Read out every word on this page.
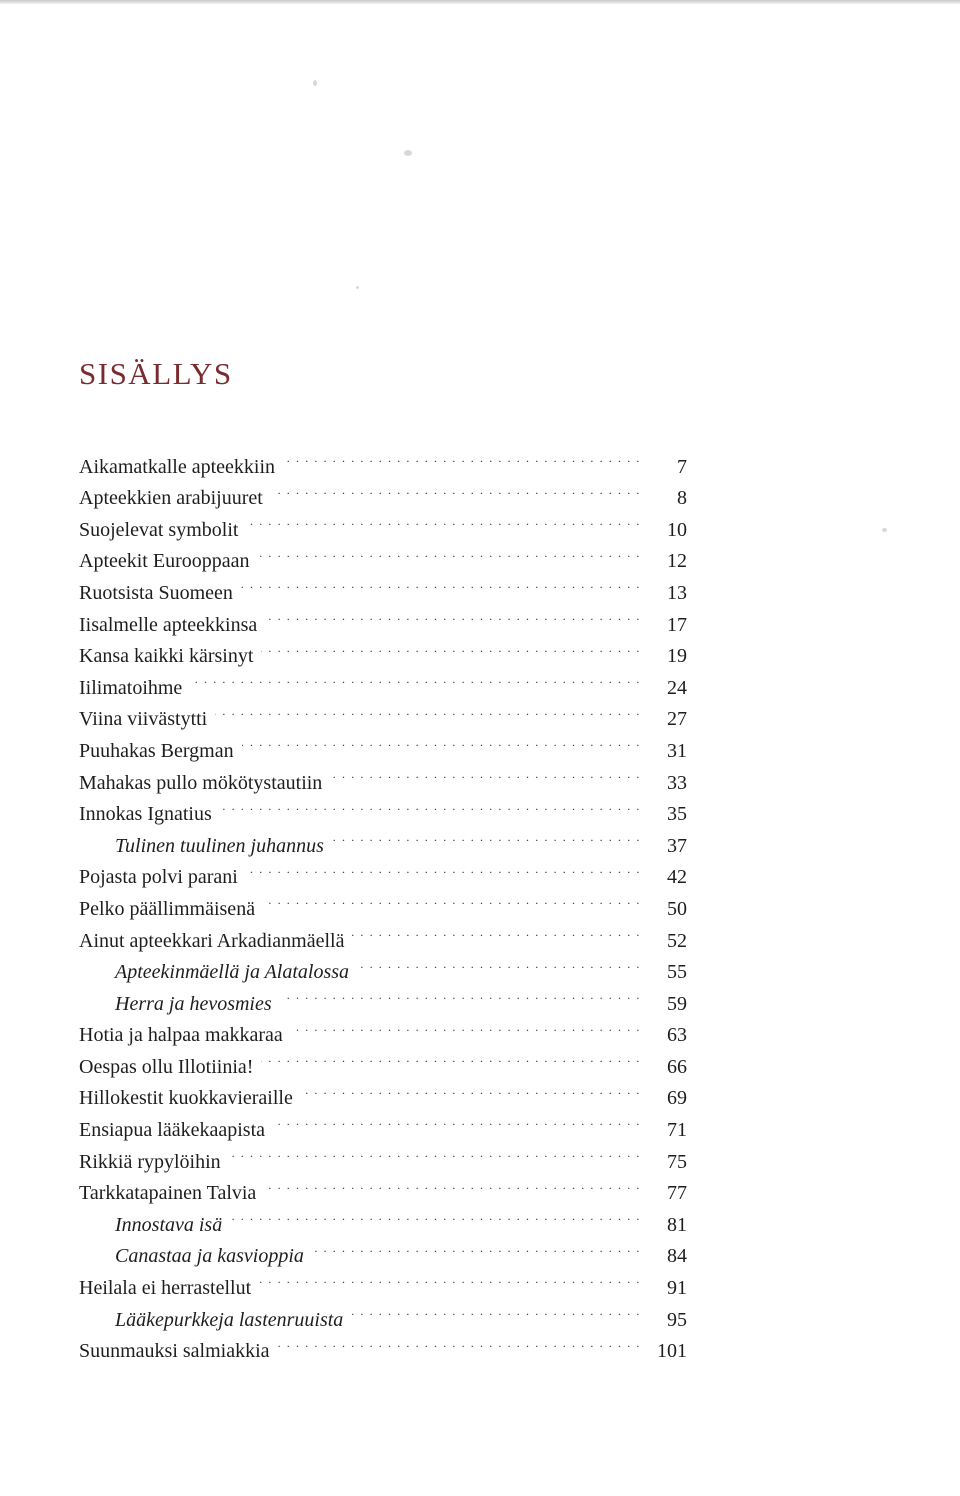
SISÄLLYS
Aikamatkalle apteekkiin . . .	7
Apteekkien arabijuuret . . .	8
Suojelevat symbolit . . .	10
Apteekit Eurooppaan . . .	12
Ruotsista Suomeen . . .	13
Iisalmelle apteekkinsa . . .	17
Kansa kaikki kärsinyt . . .	19
Iilimatoihme . . .	24
Viina viivästytti . . .	27
Puuhakas Bergman . . .	31
Mahakas pullo mökötystautiin . . .	33
Innokas Ignatius . . .	35
Tulinen tuulinen juhannus . . .	37
Pojasta polvi parani . . .	42
Pelko päällimmäisenä . . .	50
Ainut apteekkari Arkadianmäellä . . .	52
Apteekinmäellä ja Alatalossa . . .	55
Herra ja hevosmies . . .	59
Hotia ja halpaa makkaraa . . .	63
Oespas ollu Illotiinia! . . .	66
Hillokestit kuokkavieraille . . .	69
Ensiapua lääkekaapista . . .	71
Rikkiä rypylöihin . . .	75
Tarkkatapainen Talvia . . .	77
Innostava isä . . .	81
Canastaa ja kasvioppia . . .	84
Heilala ei herrastellut . . .	91
Lääkepurkkeja lastenruuista . . .	95
Suunmauksi salmiakkia . . .	101
